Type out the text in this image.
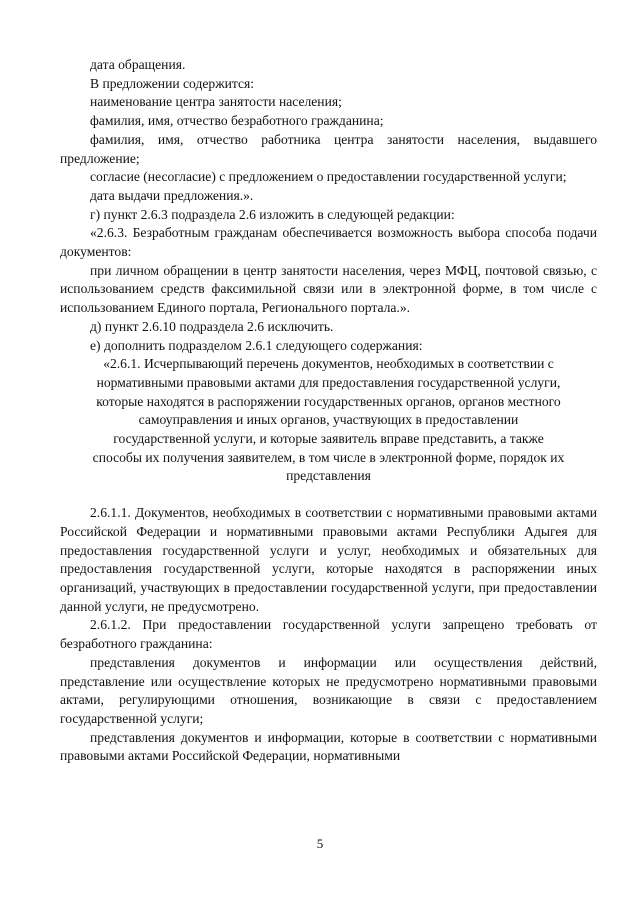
дата обращения.

В предложении содержится:

наименование центра занятости населения;

фамилия, имя, отчество безработного гражданина;

фамилия, имя, отчество работника центра занятости населения, выдавшего предложение;

согласие (несогласие) с предложением о предоставлении государственной услуги;

дата выдачи предложения.».

г) пункт 2.6.3 подраздела 2.6 изложить в следующей редакции:

«2.6.3. Безработным гражданам обеспечивается возможность выбора способа подачи документов:

при личном обращении в центр занятости населения, через МФЦ, почтовой связью, с использованием средств факсимильной связи или в электронной форме, в том числе с использованием Единого портала, Регионального портала.».

д) пункт 2.6.10 подраздела 2.6 исключить.

е) дополнить подразделом 2.6.1 следующего содержания:

«2.6.1. Исчерпывающий перечень документов, необходимых в соответствии с

нормативными правовыми актами для предоставления государственной услуги,

которые находятся в распоряжении государственных органов, органов местного

самоуправления и иных органов, участвующих в предоставлении

государственной услуги, и которые заявитель вправе представить, а также

способы их получения заявителем, в том числе в электронной форме, порядок их

представления

2.6.1.1. Документов, необходимых в соответствии с нормативными правовыми актами Российской Федерации и нормативными правовыми актами Республики Адыгея для предоставления государственной услуги и услуг, необходимых и обязательных для предоставления государственной услуги, которые находятся в распоряжении иных организаций, участвующих в предоставлении государственной услуги, при предоставлении данной услуги, не предусмотрено.

2.6.1.2. При предоставлении государственной услуги запрещено требовать от безработного гражданина:

представления документов и информации или осуществления действий, представление или осуществление которых не предусмотрено нормативными правовыми актами, регулирующими отношения, возникающие в связи с предоставлением государственной услуги;

представления документов и информации, которые в соответствии с нормативными правовыми актами Российской Федерации, нормативными

5
